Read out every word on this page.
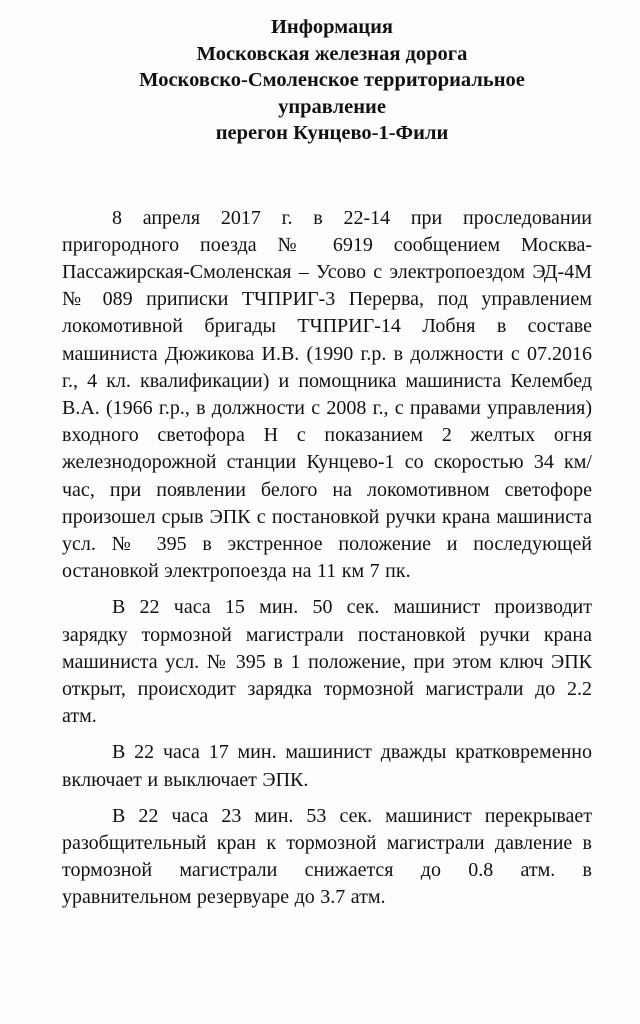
Информация
Московская железная дорога
Московско-Смоленское территориальное
управление
перегон Кунцево-1-Фили

8 апреля 2017 г. в 22-14 при проследовании пригородного поезда № 6919 сообщением Москва-Пассажирская-Смоленская – Усово с электропоездом ЭД-4М № 089 приписки ТЧПРИГ-3 Перерва, под управлением локомотивной бригады ТЧПРИГ-14 Лобня в составе машиниста Дюжикова И.В. (1990 г.р. в должности с 07.2016 г., 4 кл. квалификации) и помощника машиниста Келембед В.А. (1966 г.р., в должности с 2008 г., с правами управления) входного светофора Н с показанием 2 желтых огня железнодорожной станции Кунцево-1 со скоростью 34 км/час, при появлении белого на локомотивном светофоре произошел срыв ЭПК с постановкой ручки крана машиниста усл. № 395 в экстренное положение и последующей остановкой электропоезда на 11 км 7 пк.

В 22 часа 15 мин. 50 сек. машинист производит зарядку тормозной магистрали постановкой ручки крана машиниста усл. № 395 в 1 положение, при этом ключ ЭПК открыт, происходит зарядка тормозной магистрали до 2.2 атм.

В 22 часа 17 мин. машинист дважды кратковременно включает и выключает ЭПК.

В 22 часа 23 мин. 53 сек. машинист перекрывает разобщительный кран к тормозной магистрали давление в тормозной магистрали снижается до 0.8 атм. в уравнительном резервуаре до 3.7 атм.
